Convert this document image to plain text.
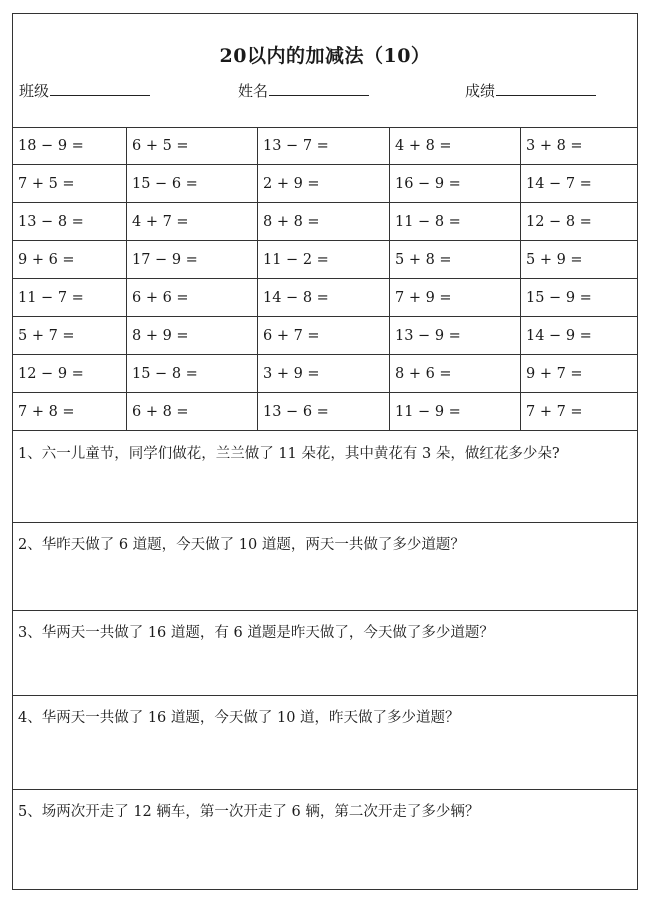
20以内的加减法（10）
班级	姓名	成绩
18 − 9 =	6 + 5 =	13 − 7 =	4 + 8 =	3 + 8 =
7 + 5 =	15 − 6 =	2 + 9 =	16 − 9 =	14 − 7 =
13 − 8 =	4 + 7 =	8 + 8 =	11 − 8 =	12 − 8 =
9 + 6 =	17 − 9 =	11 − 2 =	5 + 8 =	5 + 9 =
11 − 7 =	6 + 6 =	14 − 8 =	7 + 9 =	15 − 9 =
5 + 7 =	8 + 9 =	6 + 7 =	13 − 9 =	14 − 9 =
12 − 9 =	15 − 8 =	3 + 9 =	8 + 6 =	9 + 7 =
7 + 8 =	6 + 8 =	13 − 6 =	11 − 9 =	7 + 7 =
1、六一儿童节，同学们做花，兰兰做了 11 朵花，其中黄花有 3 朵，做红花多少朵?
2、华昨天做了 6 道题，今天做了 10 道题，两天一共做了多少道题？
3、华两天一共做了 16 道题，有 6 道题是昨天做了，今天做了多少道题？
4、华两天一共做了 16 道题，今天做了 10 道，昨天做了多少道题？
5、场两次开走了 12 辆车，第一次开走了 6 辆，第二次开走了多少辆？
